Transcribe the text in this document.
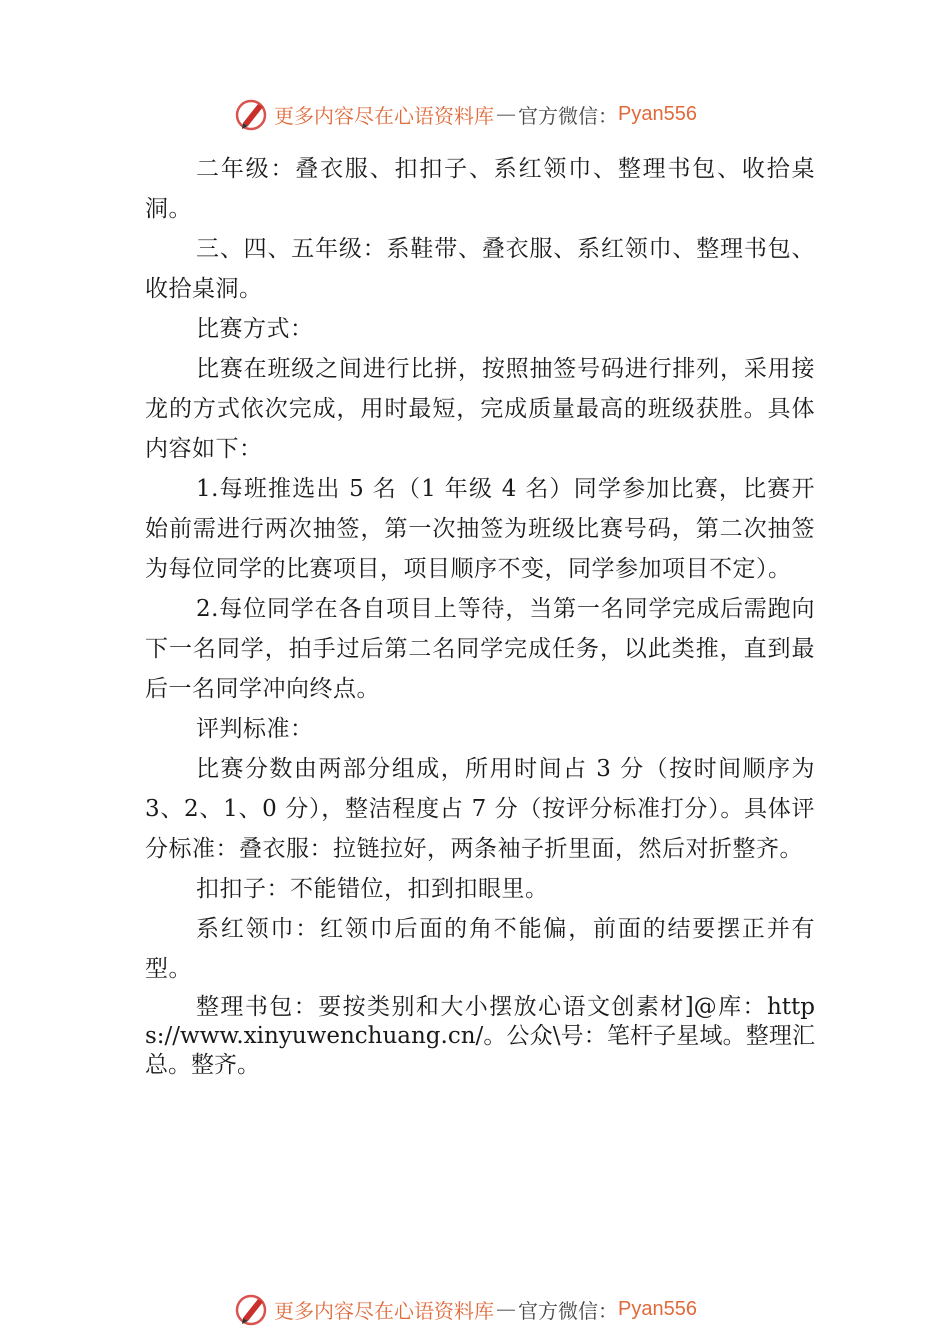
更多内容尽在心语资料库 — 官方微信： Pyan556

二年级：叠衣服、扣扣子、系红领巾、整理书包、收拾桌洞。

三、四、五年级：系鞋带、叠衣服、系红领巾、整理书包、收拾桌洞。

比赛方式：

比赛在班级之间进行比拼，按照抽签号码进行排列，采用接龙的方式依次完成，用时最短，完成质量最高的班级获胜。具体内容如下：

1.每班推选出 5 名（1 年级 4 名）同学参加比赛，比赛开始前需进行两次抽签，第一次抽签为班级比赛号码，第二次抽签为每位同学的比赛项目，项目顺序不变，同学参加项目不定）。

2.每位同学在各自项目上等待，当第一名同学完成后需跑向下一名同学，拍手过后第二名同学完成任务，以此类推，直到最后一名同学冲向终点。

评判标准：

比赛分数由两部分组成，所用时间占 3 分（按时间顺序为 3、2、1、0 分），整洁程度占 7 分（按评分标准打分）。具体评分标准：叠衣服：拉链拉好，两条袖子折里面，然后对折整齐。

扣扣子：不能错位，扣到扣眼里。

系红领巾：红领巾后面的角不能偏，前面的结要摆正并有型。

整理书包：要按类别和大小摆放心语文创素材]@库：https://www.xinyuwenchuang.cn/。公众\号：笔杆子星域。整理汇总。整齐。

更多内容尽在心语资料库 — 官方微信： Pyan556
